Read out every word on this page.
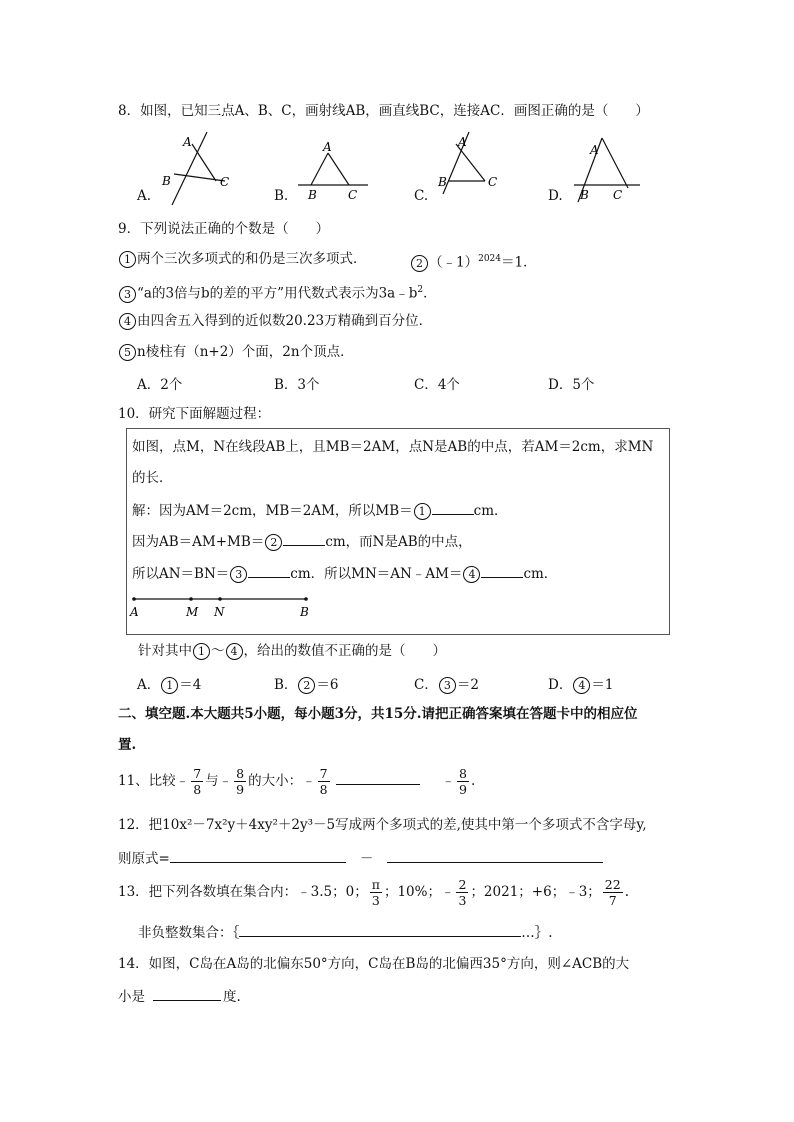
8．如图，已知三点A、B、C，画射线AB，画直线BC，连接AC．画图正确的是（　　）
A
B	C
A.
A
B	C
B.
A
B	C
C.
A
B C
D.
9．下列说法正确的个数是（　　）
1 两个三次多项式的和仍是三次多项式．	2 （﹣1）$^{2024}$＝1．
3 “a的3倍与b的差的平方”用代数式表示为$3a﹣b^2$．
4 由四舍五入得到的近似数20.23万精确到百分位．
5 n棱柱有（n+2）个面，2n个顶点．
A．2个	B．3个	C．4个	D．5个
10．研究下面解题过程：
如图，点M，N在线段AB上，且MB＝2AM，点N是AB的中点，若AM＝2cm，求MN
的长．
解：因为AM＝2cm，MB＝2AM，所以MB＝ 1	cm．
因为AB＝AM+MB＝ 2	cm，而N是AB的中点，
所以AN＝BN＝ 3	cm．所以MN＝AN﹣AM＝ 4	cm．
A	M N	B
针对其中 1 ～ 4 ，给出的数值不正确的是（　　）
A． 1 ＝4	B． 2 ＝6	C． 3 ＝2	D． 4 ＝1
二、填空题.本大题共5小题，每小题3分，共15分.请把正确答案填在答题卡中的相应位
置.
11、比较﹣ $\frac{7}{8}$ 与﹣ $\frac{8}{9}$ 的大小：﹣ $\frac{7}{8}$	﹣ $\frac{8}{9}$ .
12．把10x²－7x²y＋4xy²＋2y³－5写成两个多项式的差,使其中第一个多项式不含字母y,
则原式=	－
13．把下列各数填在集合内：﹣3.5；0； $\frac{\pi}{3}$ ；10%；﹣ $\frac{2}{3}$ ；2021；+6；﹣3； $\frac{22}{7}$ .
非负整数集合：｛	…｝.
14．如图，C岛在A岛的北偏东50°方向，C岛在B岛的北偏西35°方向，则∠ACB的大
小是	度.
